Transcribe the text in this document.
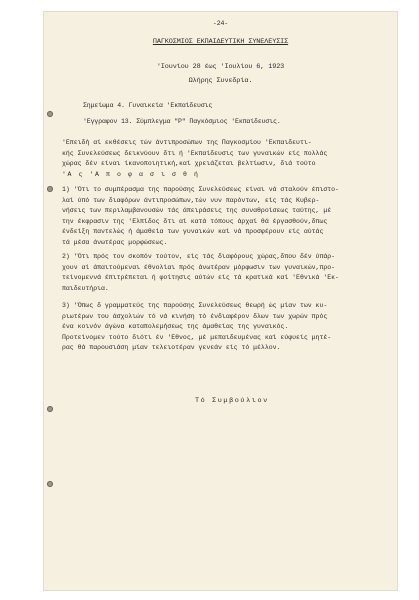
-24-

ΠΑΓΚΟΣΜΙΟΣ ΕΚΠΑΙΔΕΥΤΙΚΗ ΣΥΝΕΛΕΥΣΙΣ

'Ιουνίου 28 έως 'Ιουλίου 6, 1923

Ωλήρης Συνεδρία.

Σημείωμα 4. Γυναικεία 'Εκπαίδευσις

'Εγγραφον 13. Σύμπλεγμα "Ρ" Παγκόσμιος 'Εκπαίδευσις.

'Επειδή αί εκθέσεις τών άντιπροσώπων της Παγκοσμίου 'Εκπαιδευτι-
κής Συνελεύσεως δεικνύουν δτι ή 'Εκπαίδευσις των γυναικών είς πολλάς
χώρας δέν είναι ίκανοποιητική,καί χρειάζεται βελτίωσιν, διά τούτο
'Α ς 'Α π ο φ α σ ι σ θ ή
1) 'Ότι το συμπέρασμα της παρούσης Συνελεύσεως είναι νά σταλούν έπιστο-
λαί ύπό των διαφόρων άντιπροσώπων,τών νυν παρόντων, είς τάς Κυβερ-
νήσεις των περιλαμβανουσών τάς άπειράσεις της συναθροίσεως ταύτης, μέ
την έκφρασιν της 'Ελπίδος δτι αί κατά τόπους άρχαί θά έργασθούν,δπως
ένδείξη παντελώς ή άμαθεία των γυναικών καί νά προσφέρουν είς αύτάς
τά μέσα άνωτέρας μορφώσεως.
2) 'Ότι πρός τον σκοπόν τούτον, είς τάς διαφόρους χώρας,δπου δέν ύπάρ-
χουν αί άπαιτούμεναι έθνολίαι πρός άνωτέραν μόρφωσιν των γυναικών,προ-
τείνομεννά έπιτρέπεται ή φοίτησις αύτών είς τά κρατικά καί 'Εθνικά 'Εκ-
παιδευτήρια.
3) 'Όπως δ γραμματεύς της παρούσης Συνελεύσεως θεωρή ώς μίαν των κυ-
ριωτέρων του άσχολιών τό νά κινήση τό ένδιαφέρον δλων των χωρών πρός
ένα κοινόν άγώνα καταπολεμήσεως της άμαθείας της γυναικός.
Προτείνομεν τούτο διότι έν 'Εθνος, μέ μεπαιδευμένας καί εύφυείς μητέ-
ρας θά παρουσιάση μίαν τελειοτέραν γενεάν είς τό μέλλον.

Τό Συμβούλιον
